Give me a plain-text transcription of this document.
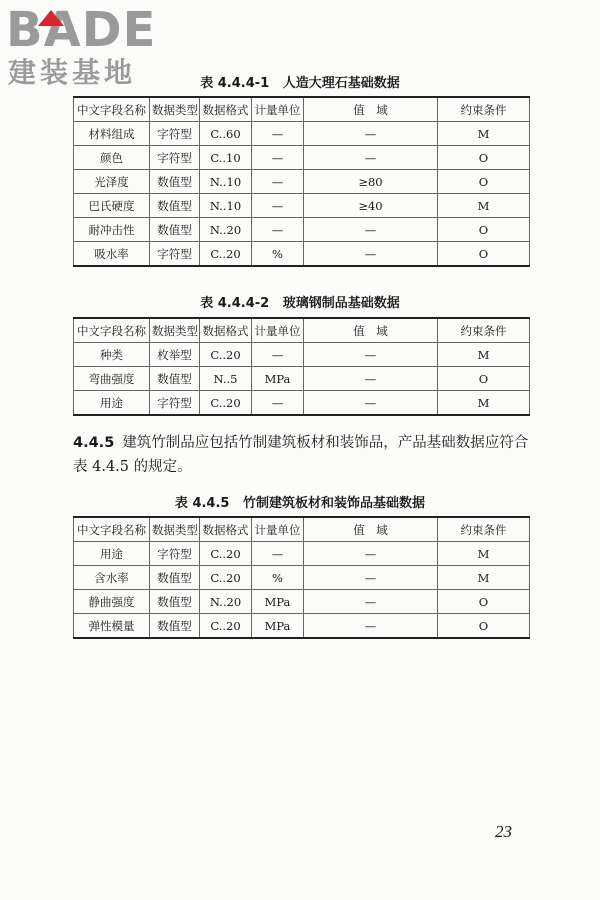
BADE
建装基地	表 4.4.4-1 人造大理石基础数据
中文字段名称	数据类型	数据格式	计量单位	值　域	约束条件
材料组成	字符型	C..60	—	—	M
颜色	字符型	C..10	—	—	O
光泽度	数值型	N..10	—	≥80	O
巴氏硬度	数值型	N..10	—	≥40	M
耐冲击性	数值型	N..20	—	—	O
吸水率	字符型	C..20	%	—	O
表 4.4.4-2 玻璃钢制品基础数据
中文字段名称	数据类型	数据格式	计量单位	值　域	约束条件
种类	枚举型	C..20	—	—	M
弯曲强度	数值型	N..5	MPa	—	O
用途	字符型	C..20	—	—	M

4.4.5 建筑竹制品应包括竹制建筑板材和装饰品，产品基础数据应符合表 4.4.5 的规定。

表 4.4.5 竹制建筑板材和装饰品基础数据
中文字段名称	数据类型	数据格式	计量单位	值　域	约束条件
用途	字符型	C..20	—	—	M
含水率	数值型	C..20	%	—	M
静曲强度	数值型	N..20	MPa	—	O
弹性模量	数值型	C..20	MPa	—	O
23
